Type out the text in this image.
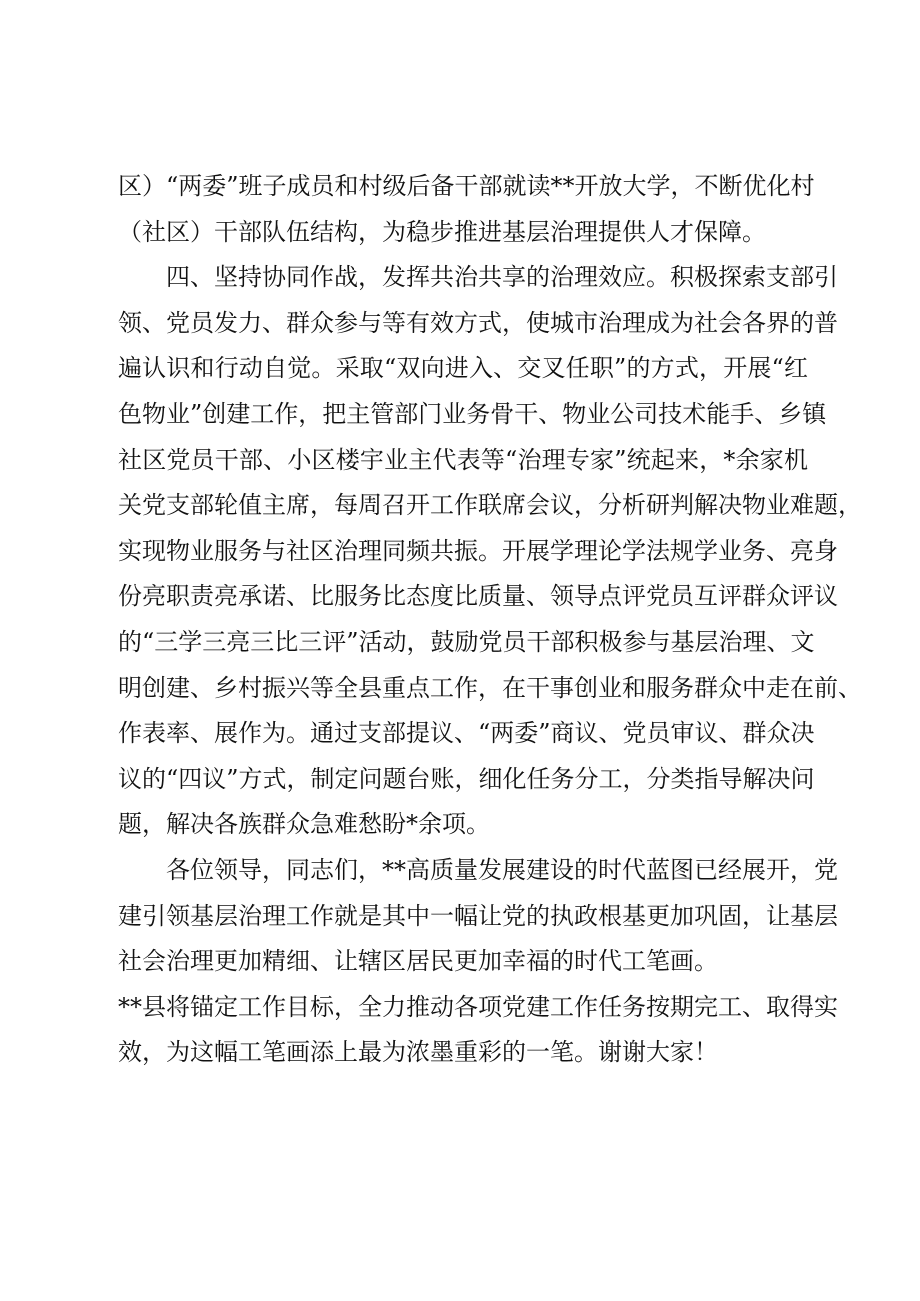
区）“两委”班子成员和村级后备干部就读**开放大学，不断优化村
（社区）干部队伍结构，为稳步推进基层治理提供人才保障。
四、坚持协同作战，发挥共治共享的治理效应。积极探索支部引
领、党员发力、群众参与等有效方式，使城市治理成为社会各界的普
遍认识和行动自觉。采取“双向进入、交叉任职”的方式，开展“红
色物业”创建工作，把主管部门业务骨干、物业公司技术能手、乡镇
社区党员干部、小区楼宇业主代表等“治理专家”统起来，*余家机
关党支部轮值主席，每周召开工作联席会议，分析研判解决物业难题，
实现物业服务与社区治理同频共振。开展学理论学法规学业务、亮身
份亮职责亮承诺、比服务比态度比质量、领导点评党员互评群众评议
的“三学三亮三比三评”活动，鼓励党员干部积极参与基层治理、文
明创建、乡村振兴等全县重点工作，在干事创业和服务群众中走在前、
作表率、展作为。通过支部提议、“两委”商议、党员审议、群众决
议的“四议”方式，制定问题台账，细化任务分工，分类指导解决问
题，解决各族群众急难愁盼*余项。
各位领导，同志们，**高质量发展建设的时代蓝图已经展开，党
建引领基层治理工作就是其中一幅让党的执政根基更加巩固，让基层
社会治理更加精细、让辖区居民更加幸福的时代工笔画。
**县将锚定工作目标，全力推动各项党建工作任务按期完工、取得实
效，为这幅工笔画添上最为浓墨重彩的一笔。谢谢大家！
